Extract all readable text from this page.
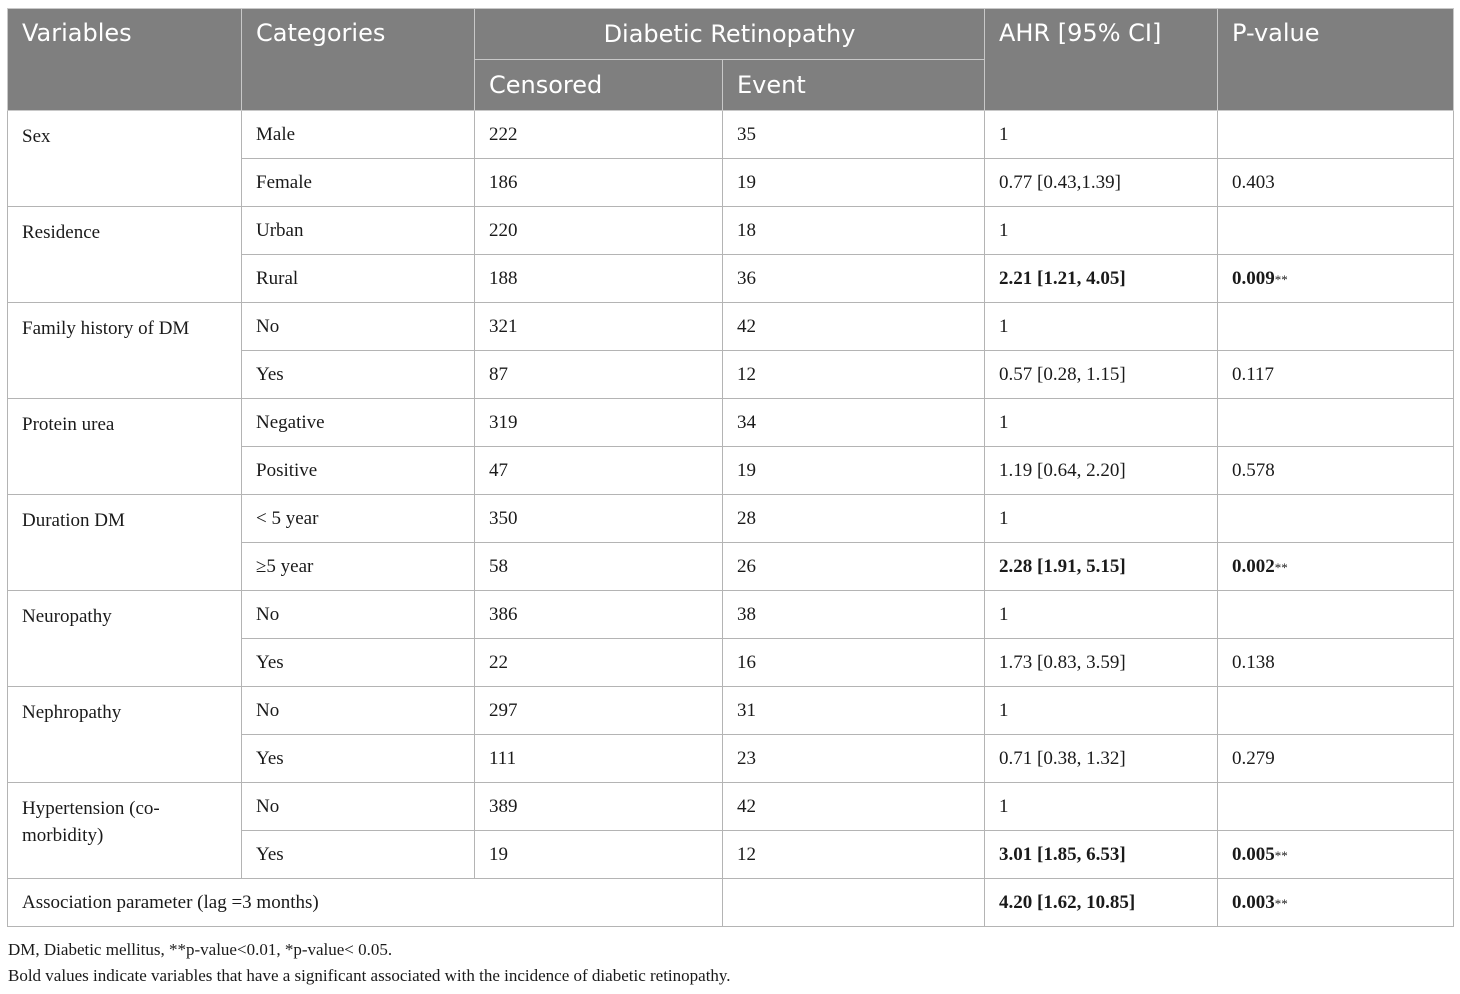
Variables	Categories	Diabetic Retinopathy		AHR [95% CI]	P-value
		Censored	Event		
Sex	Male	222	35	1	
	Female	186	19	0.77 [0.43,1.39]	0.403
Residence	Urban	220	18	1	
	Rural	188	36	2.21 [1.21, 4.05]	0.009**
Family history of DM	No	321	42	1	
	Yes	87	12	0.57 [0.28, 1.15]	0.117
Protein urea	Negative	319	34	1	
	Positive	47	19	1.19 [0.64, 2.20]	0.578
Duration DM	< 5 year	350	28	1	
	≥5 year	58	26	2.28 [1.91, 5.15]	0.002**
Neuropathy	No	386	38	1	
	Yes	22	16	1.73 [0.83, 3.59]	0.138
Nephropathy	No	297	31	1	
	Yes	111	23	0.71 [0.38, 1.32]	0.279
Hypertension (co-morbidity)	No	389	42	1	
	Yes	19	12	3.01 [1.85, 6.53]	0.005**
Association parameter (lag =3 months)				4.20 [1.62, 10.85]	0.003**
DM, Diabetic mellitus, **p-value<0.01, *p-value< 0.05.
Bold values indicate variables that have a significant associated with the incidence of diabetic retinopathy.
